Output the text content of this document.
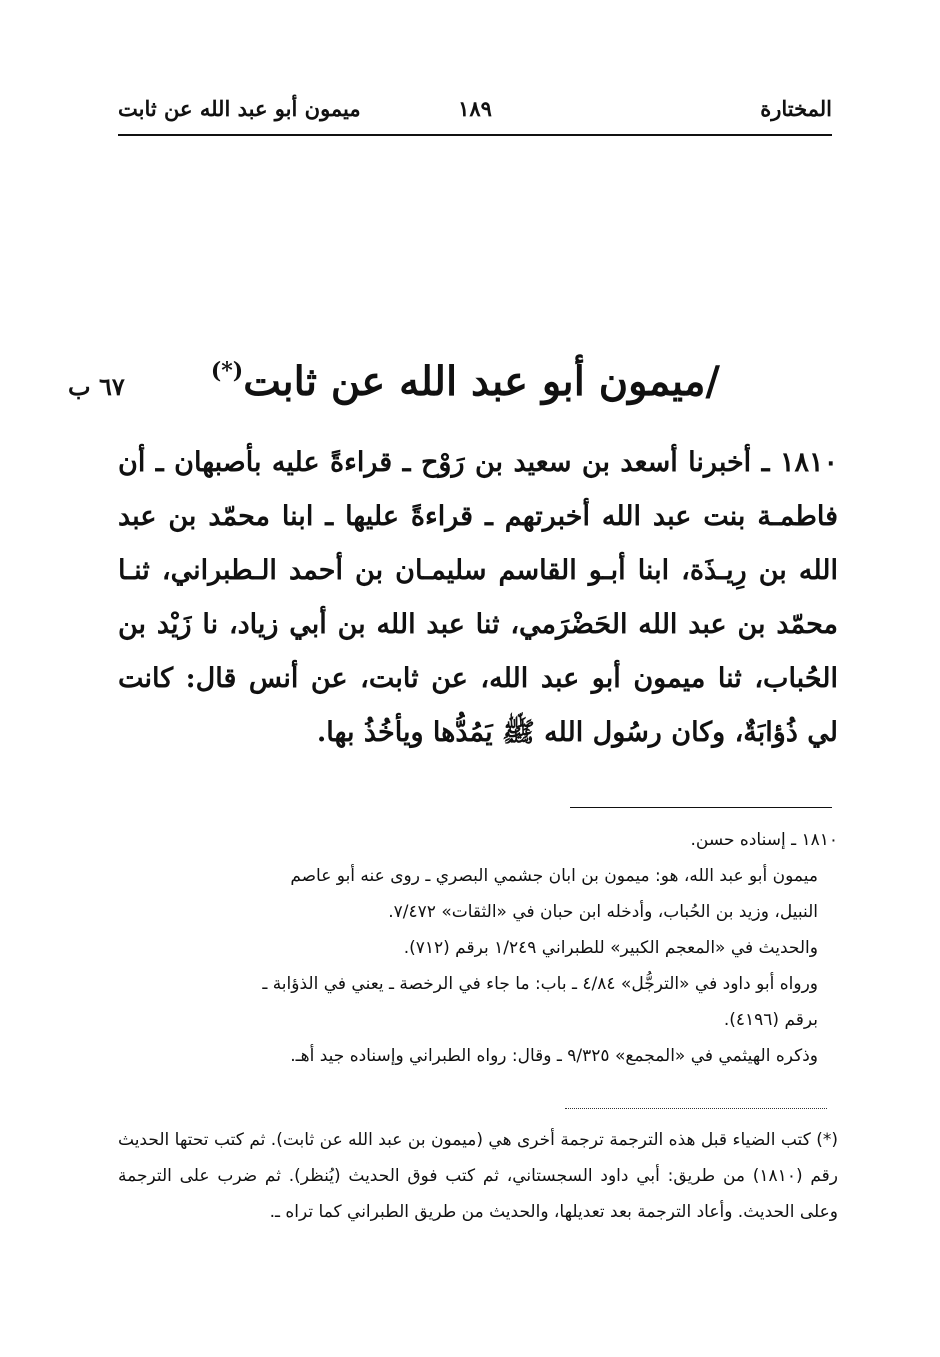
المختارة
١٨٩
ميمون أبو عبد الله عن ثابت
/ميمون أبو عبد الله عن ثابت(*)
٦٧ ب
١٨١٠ ـ أخبرنا أسعد بن سعيد بن رَوْح ـ قراءةً عليه بأصبهان ـ أن فاطمـة بنت عبد الله أخبرتهم ـ قراءةً عليها ـ ابنا محمّد بن عبد الله بن رِيـذَة، ابنا أبـو القاسم سليمـان بن أحمد الـطبراني، ثنـا محمّد بن عبد الله الحَضْرَمي، ثنا عبد الله بن أبي زياد، نا زَيْد بن الحُباب، ثنا ميمون أبو عبد الله، عن ثابت، عن أنس قال: كانت لي ذُؤابَةٌ، وكان رسُول الله ﷺ يَمُدُّها ويأخُذُ بها.
١٨١٠ ـ إسناده حسن.
ميمون أبو عبد الله، هو: ميمون بن ابان جشمي البصري ـ روى عنه أبو عاصم
النبيل، وزيد بن الحُباب، وأدخله ابن حبان في «الثقات» ٧/٤٧٢.
والحديث في «المعجم الكبير» للطبراني ١/٢٤٩ برقم (٧١٢).
ورواه أبو داود في «الترجُّل» ٤/٨٤ ـ باب: ما جاء في الرخصة ـ يعني في الذؤابة ـ
برقم (٤١٩٦).
وذكره الهيثمي في «المجمع» ٩/٣٢٥ ـ وقال: رواه الطبراني وإسناده جيد أهـ.
(*) كتب الضياء قبل هذه الترجمة ترجمة أخرى هي (ميمون بن عبد الله عن ثابت). ثم كتب تحتها الحديث رقم (١٨١٠) من طريق: أبي داود السجستاني، ثم كتب فوق الحديث (يُنظر). ثم ضرب على الترجمة وعلى الحديث. وأعاد الترجمة بعد تعديلها، والحديث من طريق الطبراني كما تراه ـ.
